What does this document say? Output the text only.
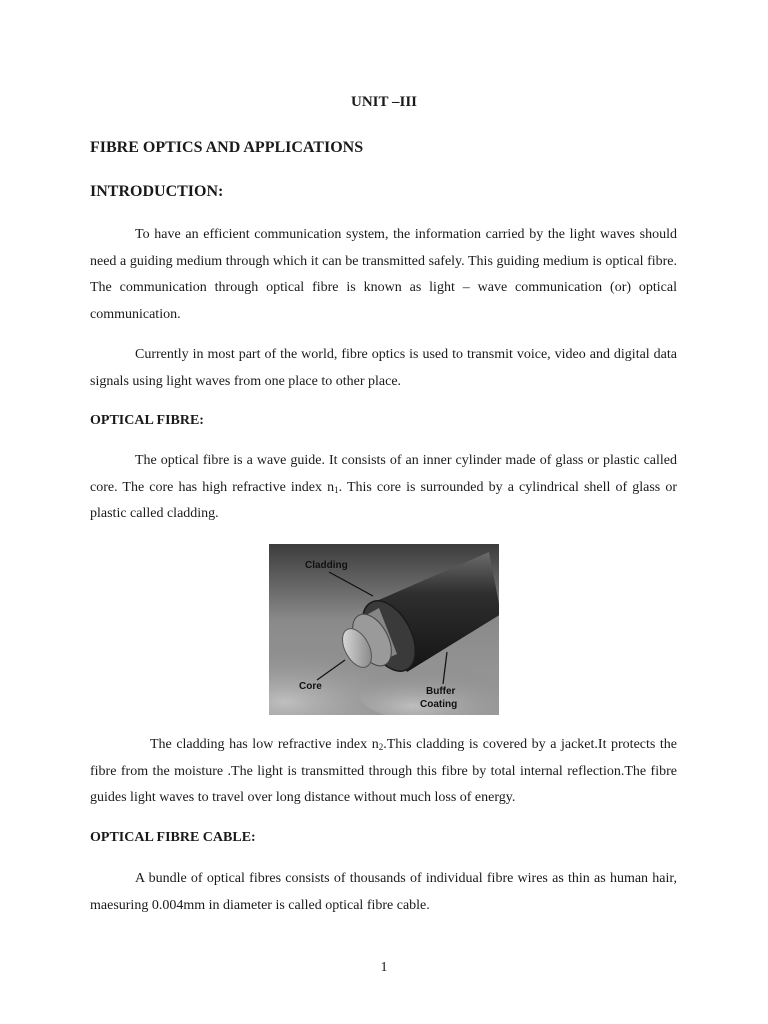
UNIT –III
FIBRE OPTICS AND APPLICATIONS
INTRODUCTION:
To have an efficient communication system, the information carried by the light waves should need a guiding medium through which it can be transmitted safely. This guiding medium is optical fibre. The communication through optical fibre is known as light – wave communication (or) optical communication.
Currently in most part of the world, fibre optics is used to transmit voice, video and digital data signals using light waves from one place to other place.
OPTICAL FIBRE:
The optical fibre is a wave guide. It consists of an inner cylinder made of glass or plastic called core. The core has high refractive index $n_1$. This core is surrounded by a cylindrical shell of glass or plastic called cladding.
Cladding
Core	Buffer
Coating
The cladding has low refractive index $n_2.This$ cladding is covered by a jacket.It protects the fibre from the moisture .The light is transmitted through this fibre by total internal reflection.The fibre guides light waves to travel over long distance without much loss of energy.
OPTICAL FIBRE CABLE:
A bundle of optical fibres consists of thousands of individual fibre wires as thin as human hair, maesuring 0.004mm in diameter is called optical fibre cable.
1
